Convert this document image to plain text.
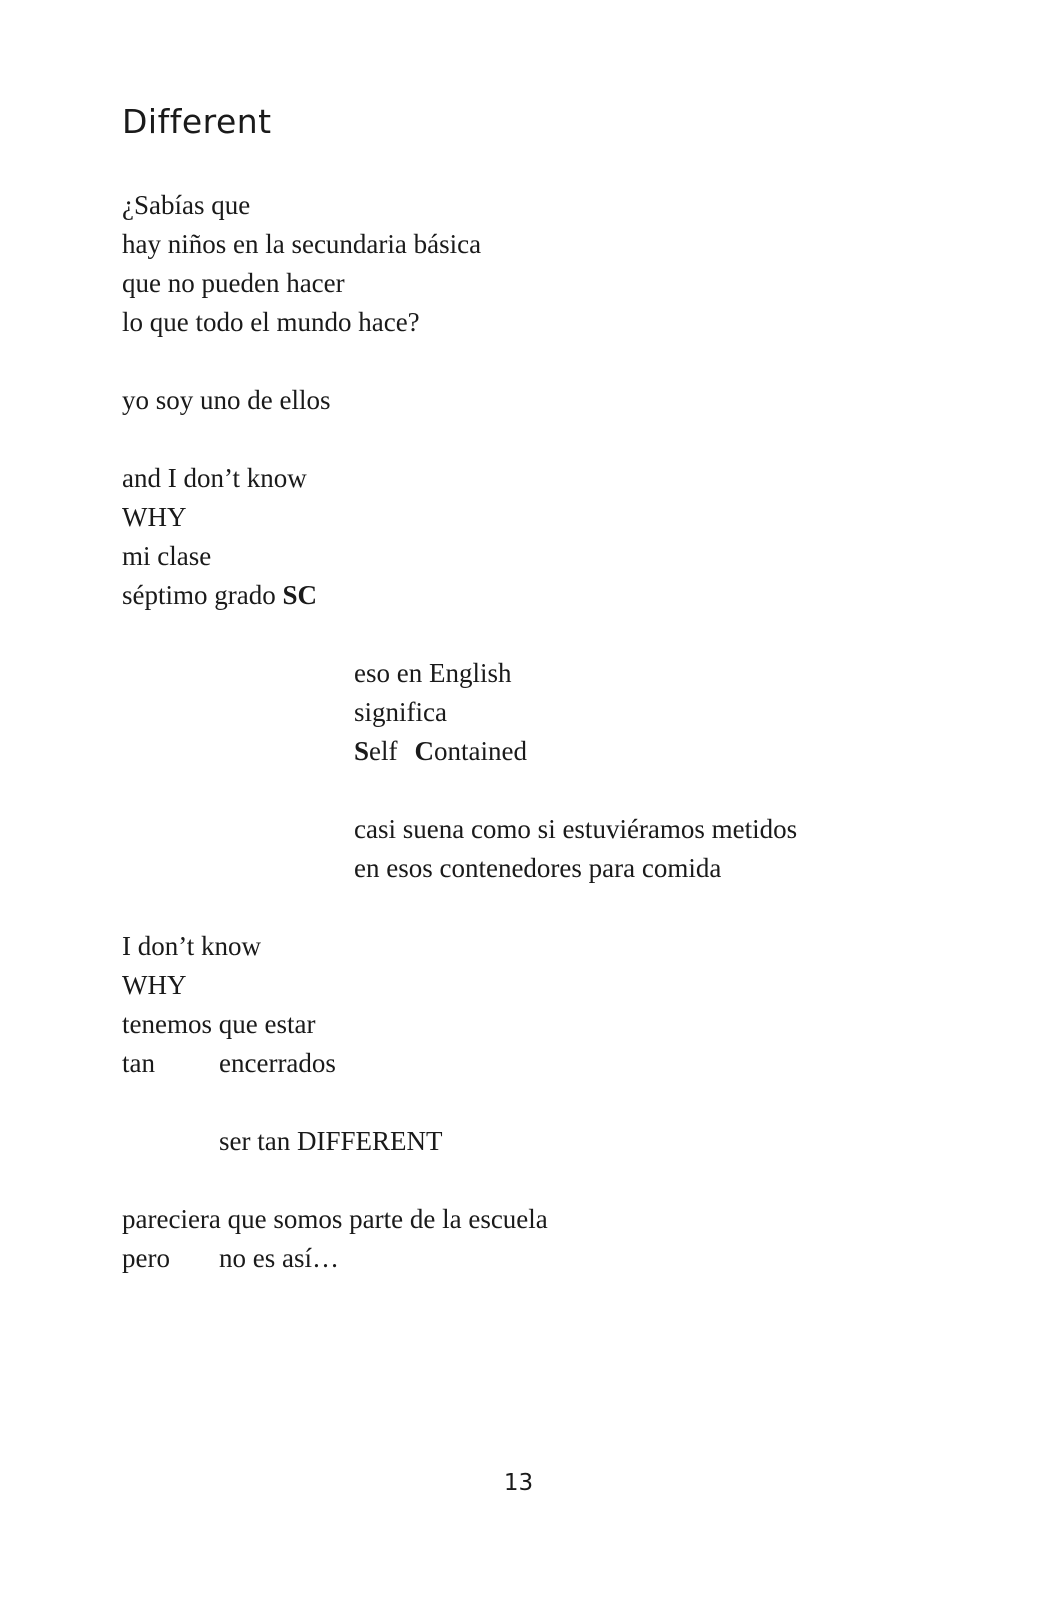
Different

¿Sabías que

hay niños en la secundaria básica

que no pueden hacer

lo que todo el mundo hace?

yo soy uno de ellos

and I don’t know

WHY

mi clase

séptimo grado SC

eso en English

significa

Self Contained

casi suena como si estuviéramos metidos

en esos contenedores para comida

I don’t know

WHY

tenemos que estar

tan encerrados

ser tan DIFFERENT

pareciera que somos parte de la escuela

pero no es así…

13
